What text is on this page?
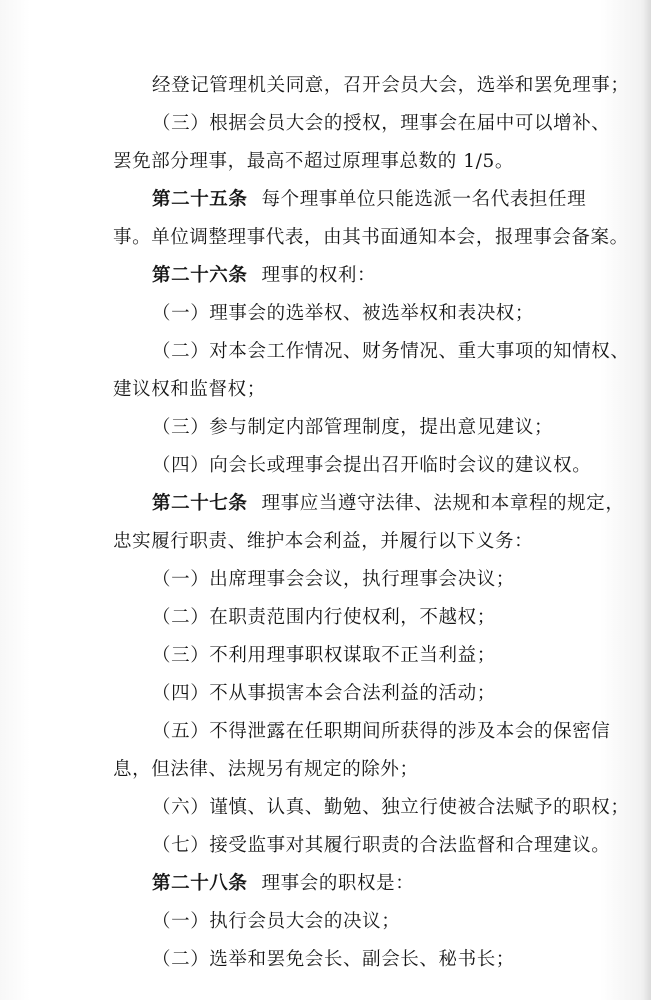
经登记管理机关同意，召开会员大会，选举和罢免理事；
（三）根据会员大会的授权，理事会在届中可以增补、
罢免部分理事，最高不超过原理事总数的 1/5。
第二十五条 每个理事单位只能选派一名代表担任理
事。单位调整理事代表，由其书面通知本会，报理事会备案。
第二十六条 理事的权利：
（一）理事会的选举权、被选举权和表决权；
（二）对本会工作情况、财务情况、重大事项的知情权、
建议权和监督权；
（三）参与制定内部管理制度，提出意见建议；
（四）向会长或理事会提出召开临时会议的建议权。
第二十七条 理事应当遵守法律、法规和本章程的规定，
忠实履行职责、维护本会利益，并履行以下义务：
（一）出席理事会会议，执行理事会决议；
（二）在职责范围内行使权利，不越权；
（三）不利用理事职权谋取不正当利益；
（四）不从事损害本会合法利益的活动；
（五）不得泄露在任职期间所获得的涉及本会的保密信
息，但法律、法规另有规定的除外；
（六）谨慎、认真、勤勉、独立行使被合法赋予的职权；
（七）接受监事对其履行职责的合法监督和合理建议。
第二十八条 理事会的职权是：
（一）执行会员大会的决议；
（二）选举和罢免会长、副会长、秘书长；
